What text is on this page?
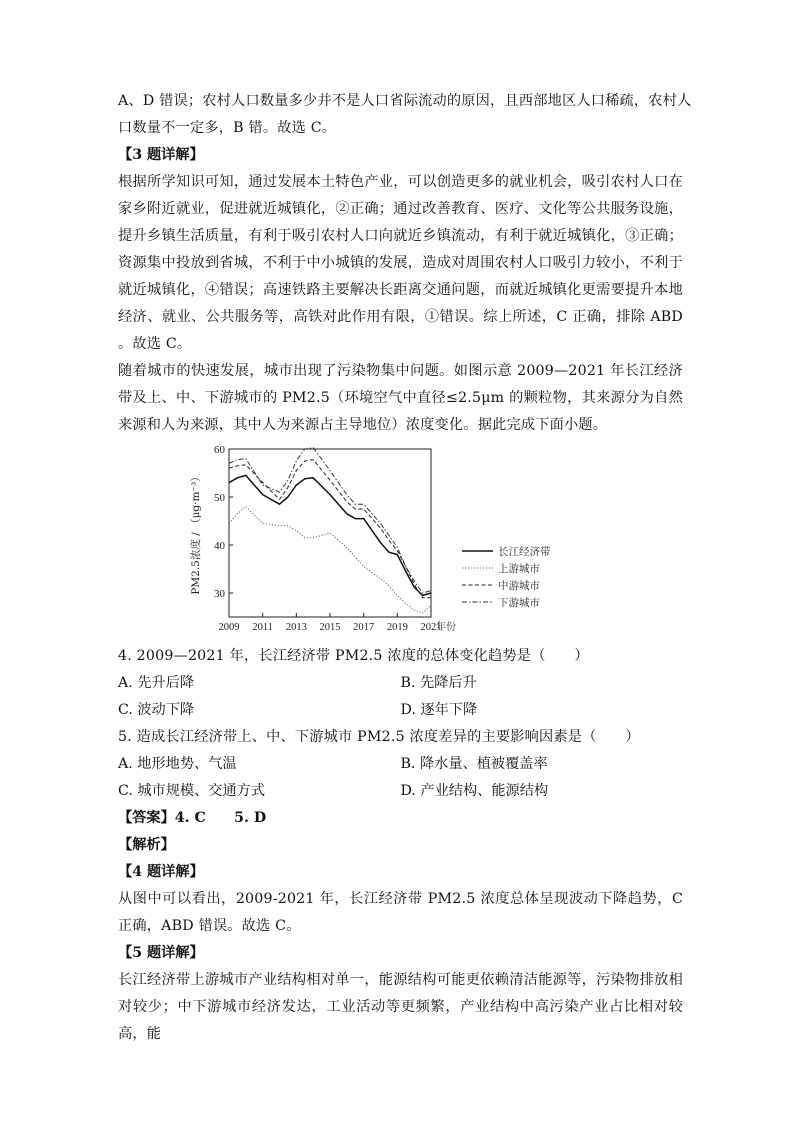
A、D 错误；农村人口数量多少并不是人口省际流动的原因，且西部地区人口稀疏，农村人

口数量不一定多，B 错。故选 C。

【3 题详解】

根据所学知识可知，通过发展本土特色产业，可以创造更多的就业机会，吸引农村人口在家乡附近就业，促进就近城镇化，②正确；通过改善教育、医疗、文化等公共服务设施，提升乡镇生活质量，有利于吸引农村人口向就近乡镇流动，有利于就近城镇化，③正确；资源集中投放到省城，不利于中小城镇的发展，造成对周围农村人口吸引力较小，不利于就近城镇化，④错误；高速铁路主要解决长距离交通问题，而就近城镇化更需要提升本地经济、就业、公共服务等，高铁对此作用有限，①错误。综上所述，C 正确，排除 ABD 。故选 C。

随着城市的快速发展，城市出现了污染物集中问题。如图示意 2009—2021 年长江经济带及上、中、下游城市的 PM2.5（环境空气中直径≤2.5μm 的颗粒物，其来源分为自然来源和人为来源，其中人为来源占主导地位）浓度变化。据此完成下面小题。

2009 2011 2013 2015 2017 2019 2021
30
40
50
60
年份
PM2.5浓度 / （μg·m⁻³）	长江经济带
上游城市
中游城市
下游城市

4. 2009—2021 年，长江经济带 PM2.5 浓度的总体变化趋势是（　　）

A. 先升后降	B. 先降后升
C. 波动下降	D. 逐年下降

5. 造成长江经济带上、中、下游城市 PM2.5 浓度差异的主要影响因素是（　　）

A. 地形地势、气温	B. 降水量、植被覆盖率
C. 城市规模、交通方式	D. 产业结构、能源结构

【答案】4. C　　5. D

【解析】

【4 题详解】

从图中可以看出，2009-2021 年，长江经济带 PM2.5 浓度总体呈现波动下降趋势，C 正确，ABD 错误。故选 C。

【5 题详解】

长江经济带上游城市产业结构相对单一，能源结构可能更依赖清洁能源等，污染物排放相对较少；中下游城市经济发达，工业活动等更频繁，产业结构中高污染产业占比相对较高，能
